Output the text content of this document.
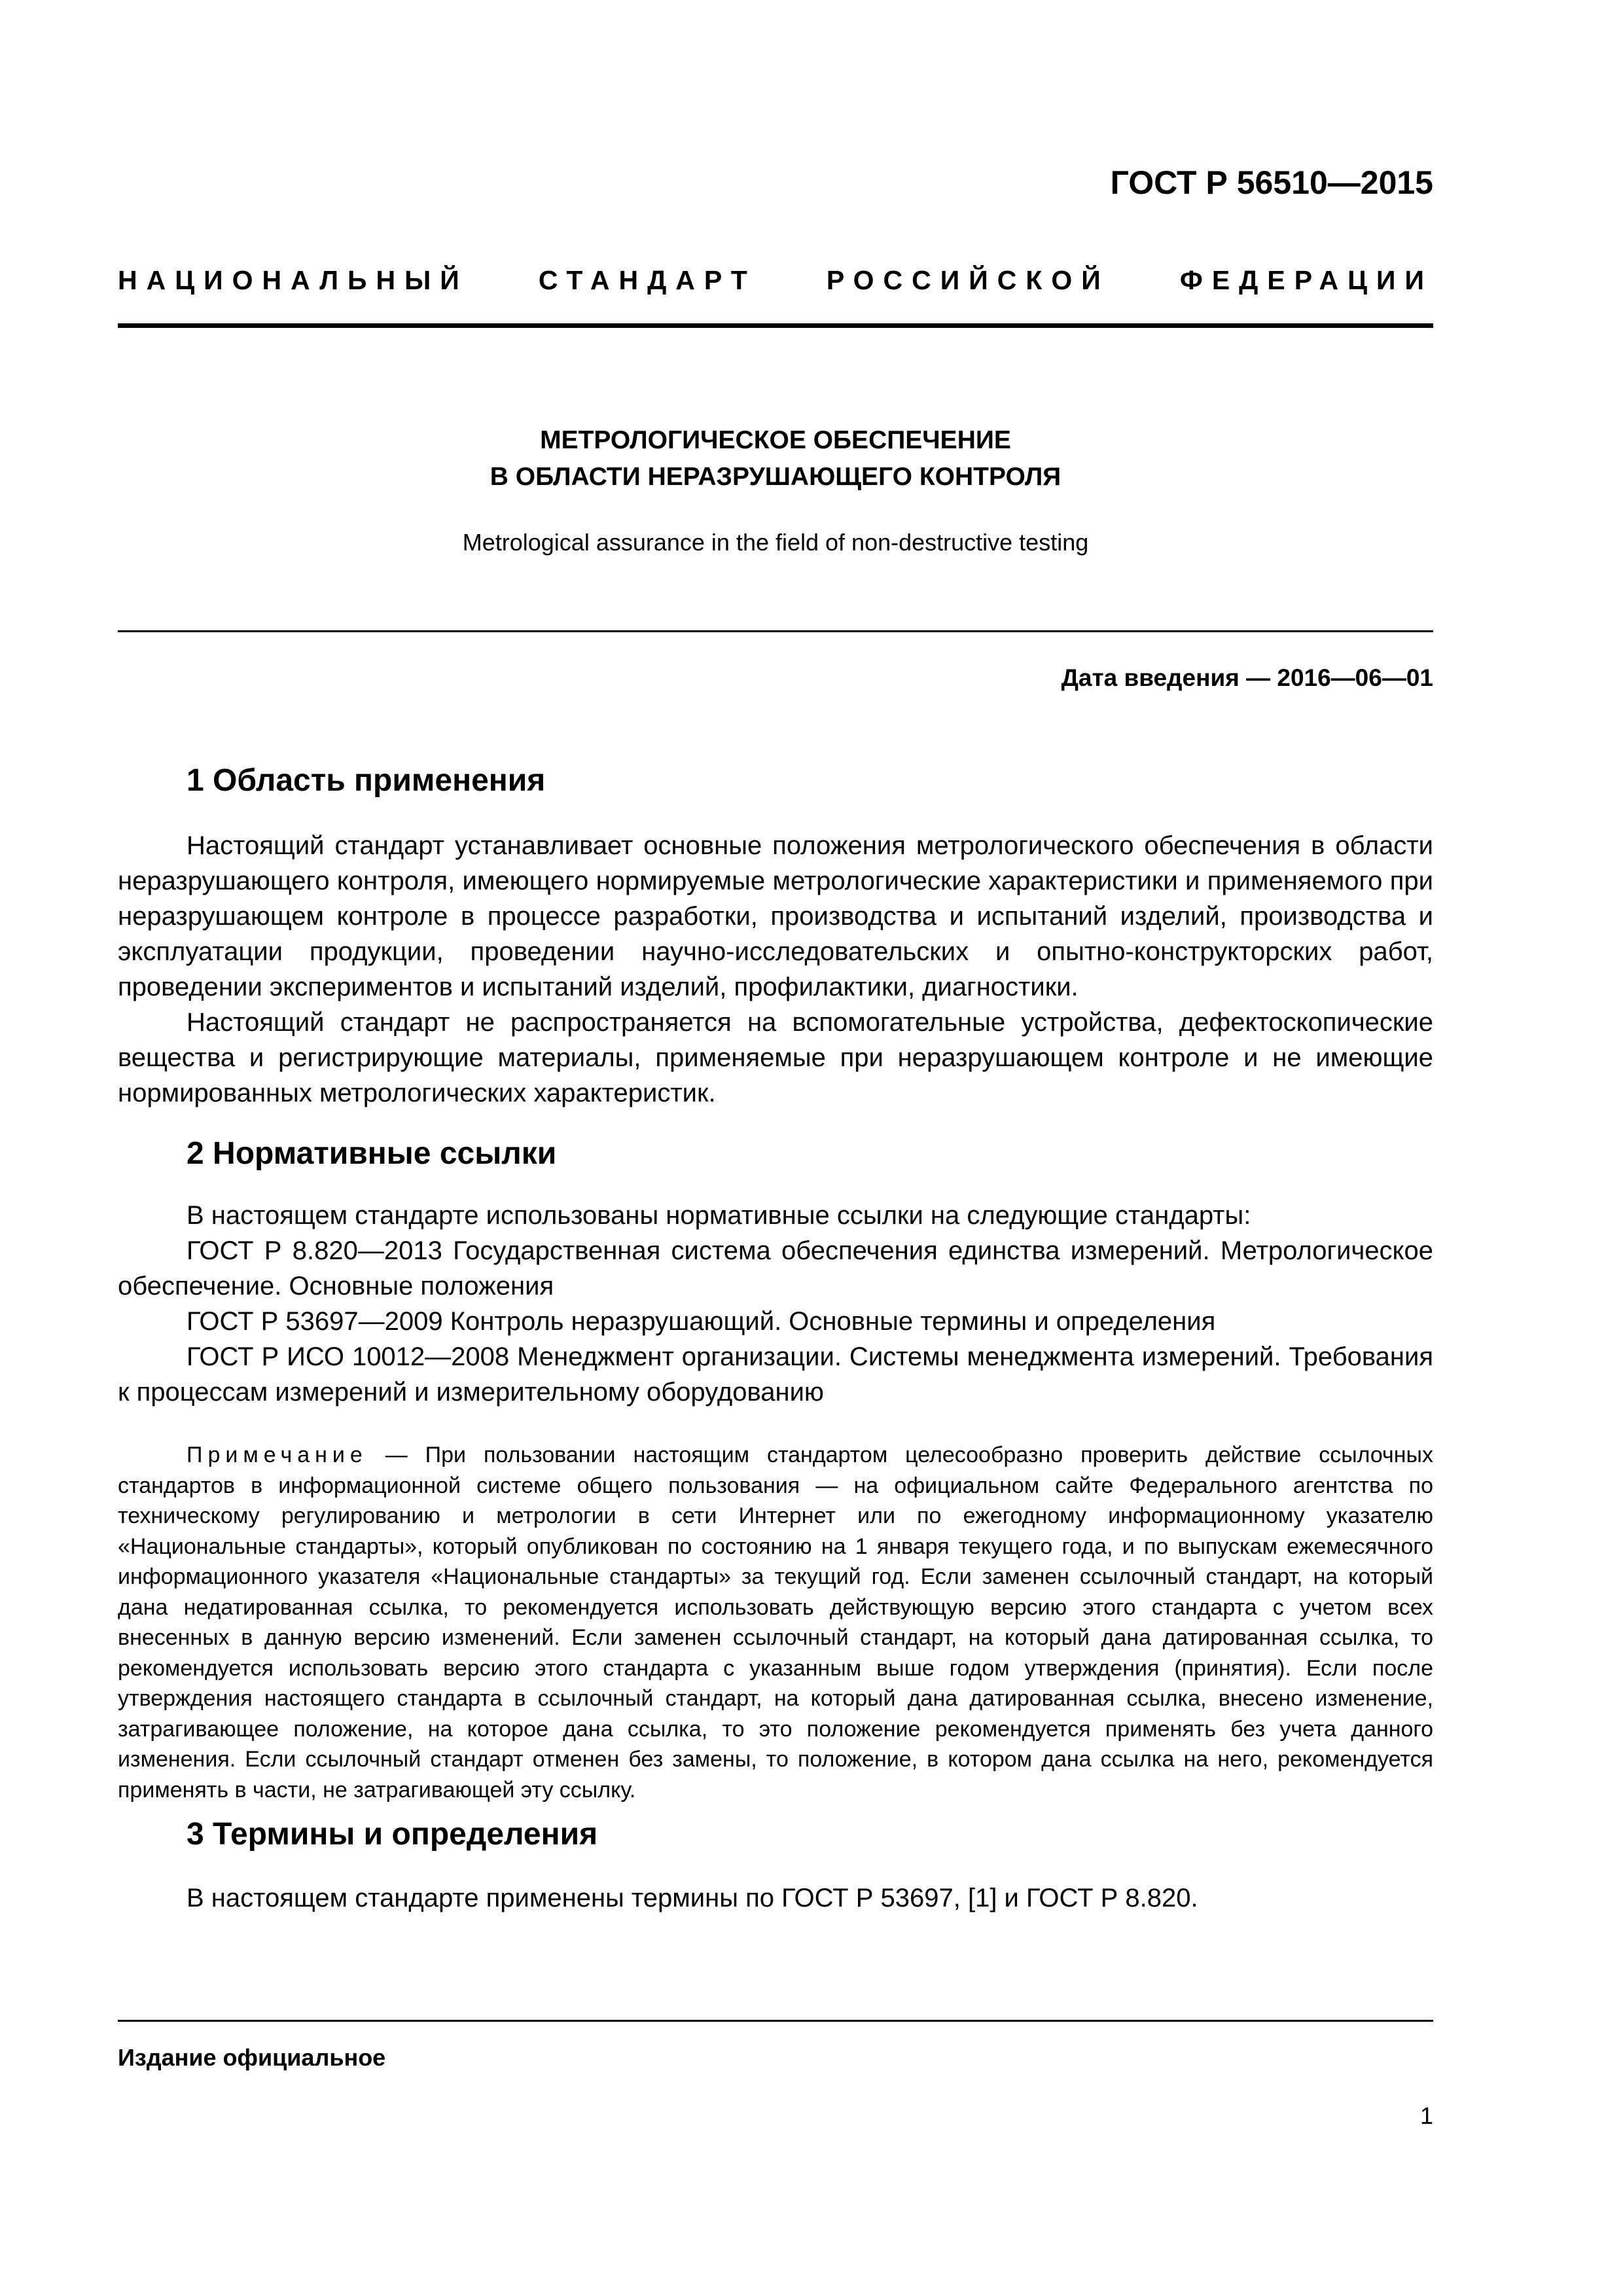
ГОСТ Р 56510—2015
НАЦИОНАЛЬНЫЙ	СТАНДАРТ	РОССИЙСКОЙ	ФЕДЕРАЦИИ
МЕТРОЛОГИЧЕСКОЕ ОБЕСПЕЧЕНИЕ
В ОБЛАСТИ НЕРАЗРУШАЮЩЕГО КОНТРОЛЯ
Metrological assurance in the field of non-destructive testing
Дата введения — 2016—06—01
1 Область применения

Настоящий стандарт устанавливает основные положения метрологического обеспечения в области неразрушающего контроля, имеющего нормируемые метрологические характеристики и применяемого при неразрушающем контроле в процессе разработки, производства и испытаний изделий, производства и эксплуатации продукции, проведении научно-исследовательских и опытно-конструкторских работ, проведении экспериментов и испытаний изделий, профилактики, диагностики.

Настоящий стандарт не распространяется на вспомогательные устройства, дефектоскопические вещества и регистрирующие материалы, применяемые при неразрушающем контроле и не имеющие нормированных метрологических характеристик.

2 Нормативные ссылки

В настоящем стандарте использованы нормативные ссылки на следующие стандарты:

ГОСТ Р 8.820—2013 Государственная система обеспечения единства измерений. Метрологическое обеспечение. Основные положения

ГОСТ Р 53697—2009 Контроль неразрушающий. Основные термины и определения

ГОСТ Р ИСО 10012—2008 Менеджмент организации. Системы менеджмента измерений. Требования к процессам измерений и измерительному оборудованию

Примечание — При пользовании настоящим стандартом целесообразно проверить действие ссылочных стандартов в информационной системе общего пользования — на официальном сайте Федерального агентства по техническому регулированию и метрологии в сети Интернет или по ежегодному информационному указателю «Национальные стандарты», который опубликован по состоянию на 1 января текущего года, и по выпускам ежемесячного информационного указателя «Национальные стандарты» за текущий год. Если заменен ссылочный стандарт, на который дана недатированная ссылка, то рекомендуется использовать действующую версию этого стандарта с учетом всех внесенных в данную версию изменений. Если заменен ссылочный стандарт, на который дана датированная ссылка, то рекомендуется использовать версию этого стандарта с указанным выше годом утверждения (принятия). Если после утверждения настоящего стандарта в ссылочный стандарт, на который дана датированная ссылка, внесено изменение, затрагивающее положение, на которое дана ссылка, то это положение рекомендуется применять без учета данного изменения. Если ссылочный стандарт отменен без замены, то положение, в котором дана ссылка на него, рекомендуется применять в части, не затрагивающей эту ссылку.
3 Термины и определения

В настоящем стандарте применены термины по ГОСТ Р 53697, [1] и ГОСТ Р 8.820.

Издание официальное
1
